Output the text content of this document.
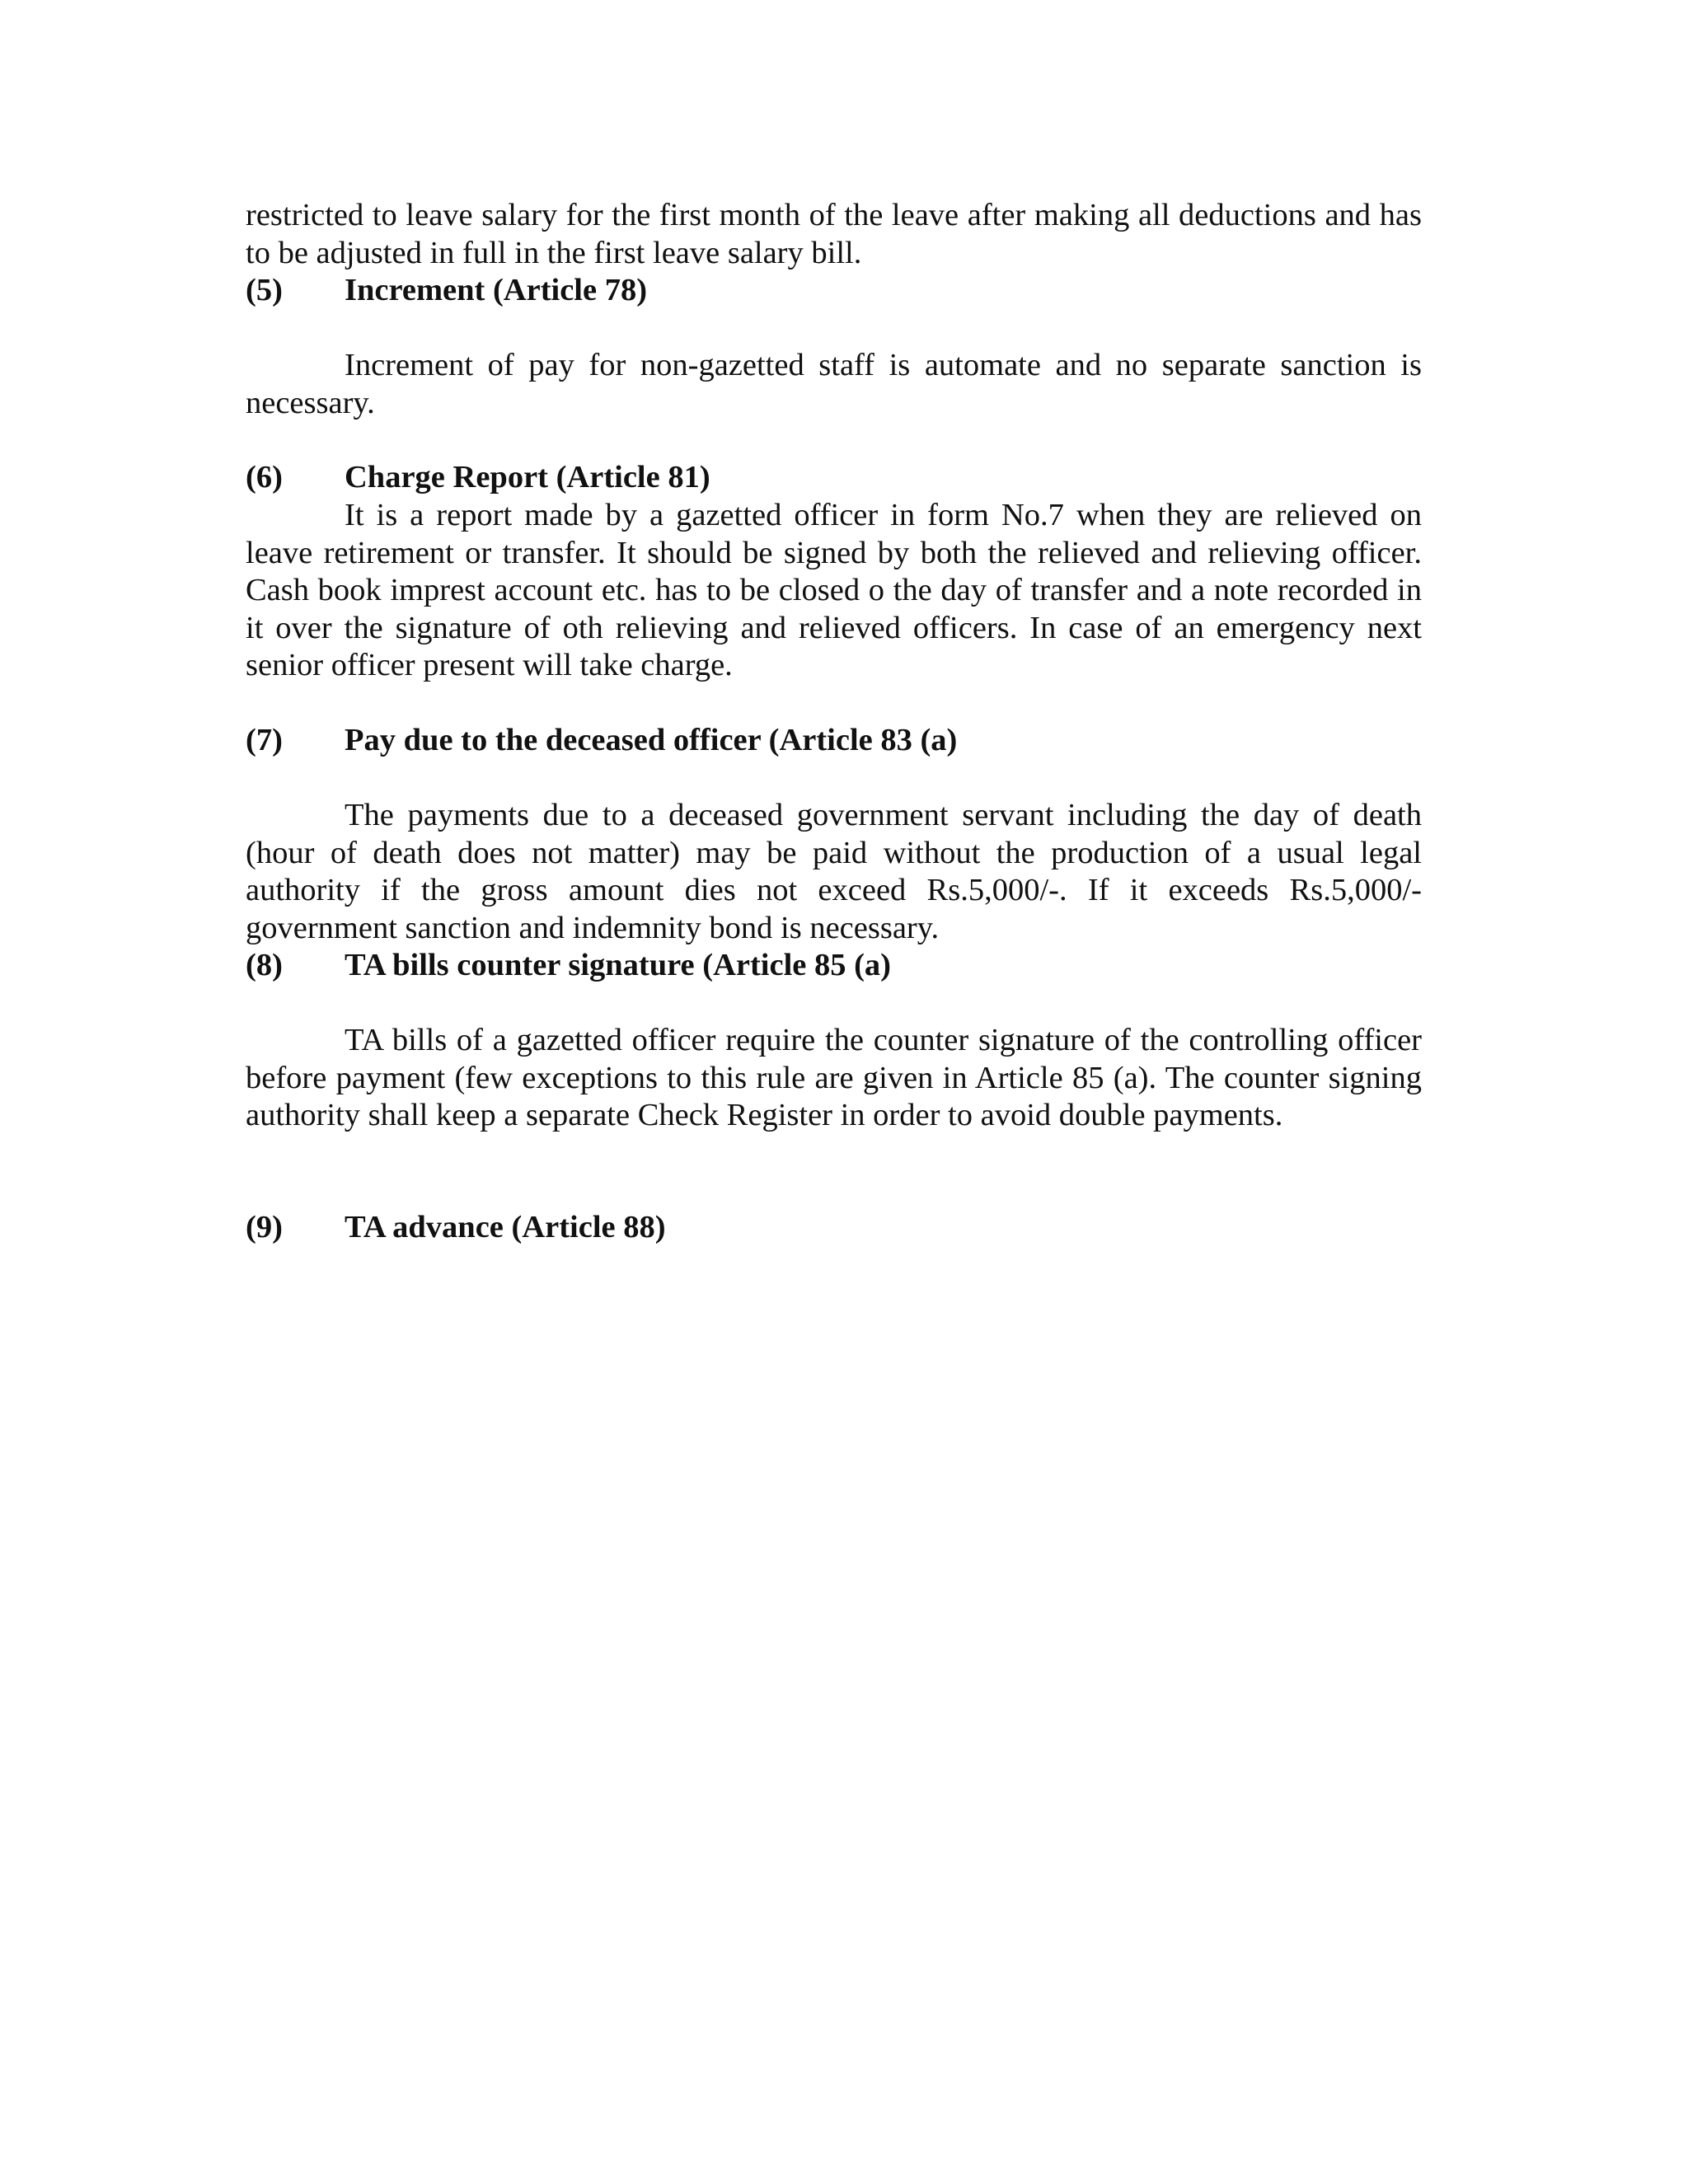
restricted to leave salary for the first month of the leave after making all deductions and has to be adjusted in full in the first leave salary bill.

(5) Increment (Article 78)

Increment of pay for non-gazetted staff is automate and no separate sanction is necessary.

(6) Charge Report (Article 81)

It is a report made by a gazetted officer in form No.7 when they are relieved on leave retirement or transfer. It should be signed by both the relieved and relieving officer. Cash book imprest account etc. has to be closed o the day of transfer and a note recorded in it over the signature of oth relieving and relieved officers. In case of an emergency next senior officer present will take charge.

(7) Pay due to the deceased officer (Article 83 (a)

The payments due to a deceased government servant including the day of death (hour of death does not matter) may be paid without the production of a usual legal authority if the gross amount dies not exceed Rs.5,000/-. If it exceeds Rs.5,000/- government sanction and indemnity bond is necessary.

(8) TA bills counter signature (Article 85 (a)

TA bills of a gazetted officer require the counter signature of the controlling officer before payment (few exceptions to this rule are given in Article 85 (a). The counter signing authority shall keep a separate Check Register in order to avoid double payments.

(9) TA advance (Article 88)
